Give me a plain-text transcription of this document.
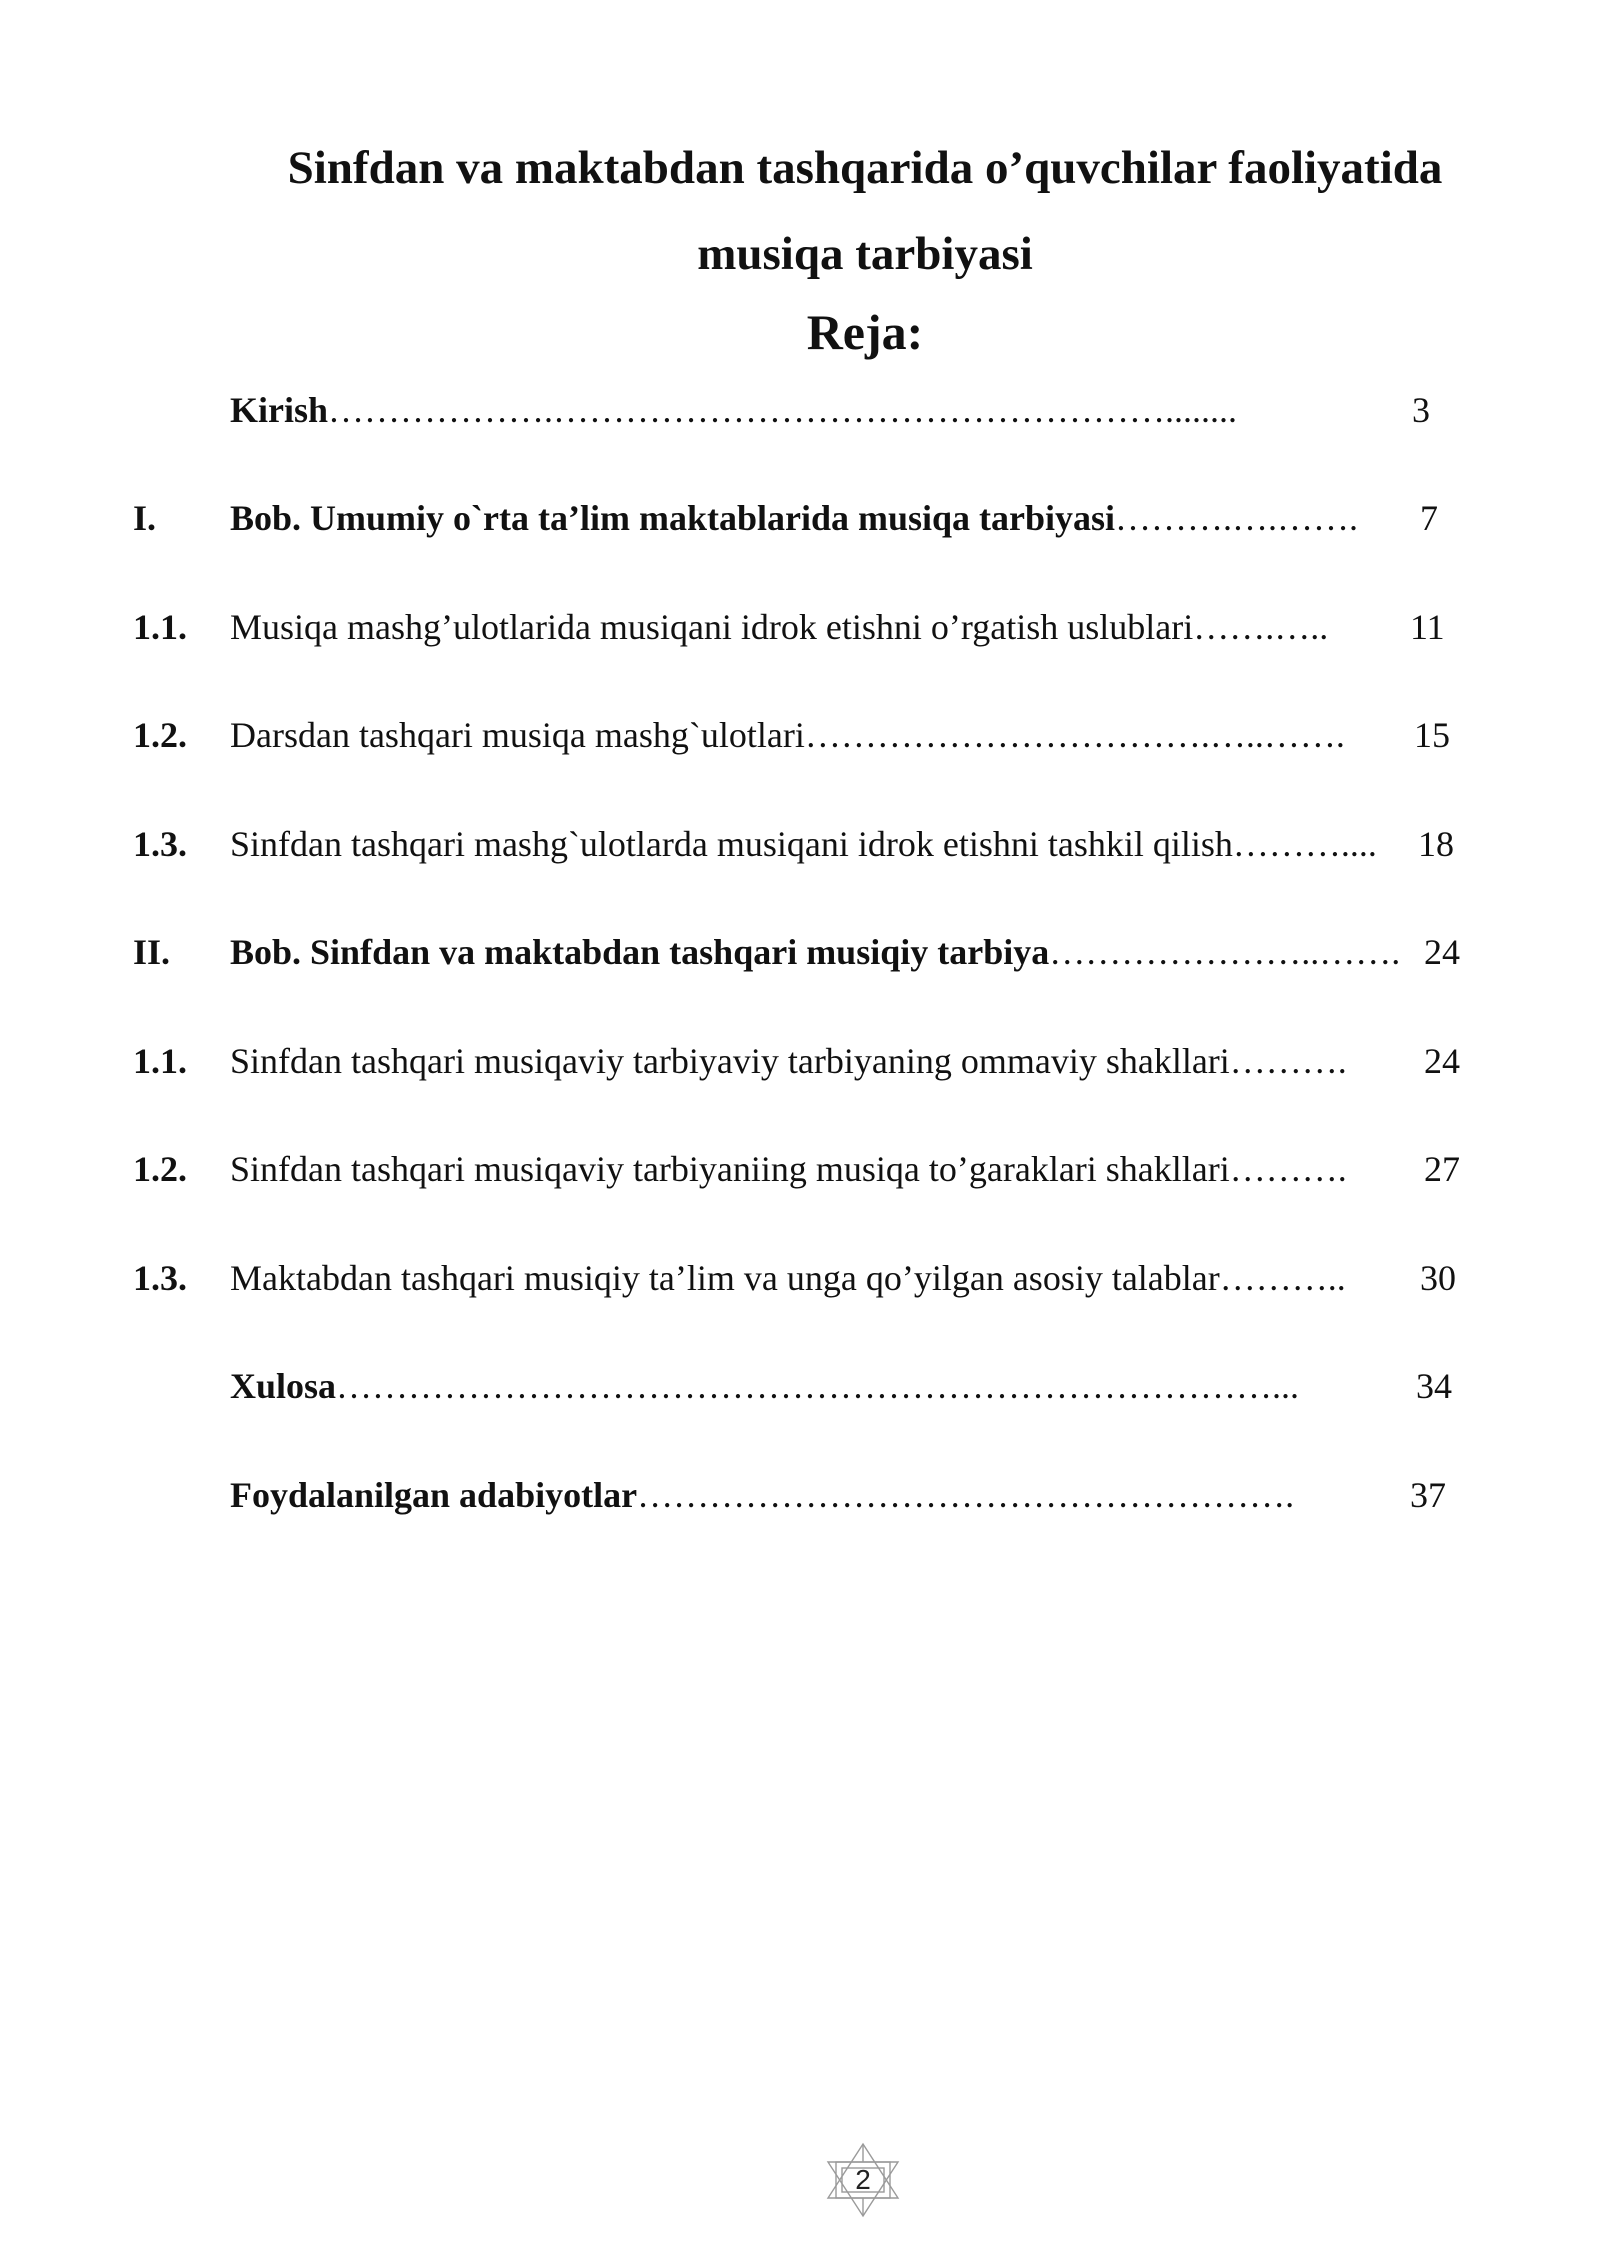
Sinfdan va maktabdan tashqarida o’quvchilar faoliyatida
musiqa tarbiyasi
Reja:
Kirish……………….……………………………………………........	3
I. Bob. Umumiy o`rta ta’lim maktablarida musiqa tarbiyasi……….….……. 7
1.1. Musiqa mashg’ulotlarida musiqani idrok etishni o’rgatish uslublari…….….. 11
1.2. Darsdan tashqari musiqa mashg`ulotlari…………………………….…..……. 15
1.3. Sinfdan tashqari mashg`ulotlarda musiqani idrok etishni tashkil qilish……….... 18
II. Bob. Sinfdan va maktabdan tashqari musiqiy tarbiya…………………..……. 24
1.1. Sinfdan tashqari musiqaviy tarbiyaviy tarbiyaning ommaviy shakllari………. 24
1.2. Sinfdan tashqari musiqaviy tarbiyaniing musiqa to’garaklari shakllari………. 27
1.3. Maktabdan tashqari musiqiy ta’lim va unga qo’yilgan asosiy talablar……….. 30
Xulosa……………………………………………………………………...	34
Foydalanilgan adabiyotlar……………………………………………….	37
2
